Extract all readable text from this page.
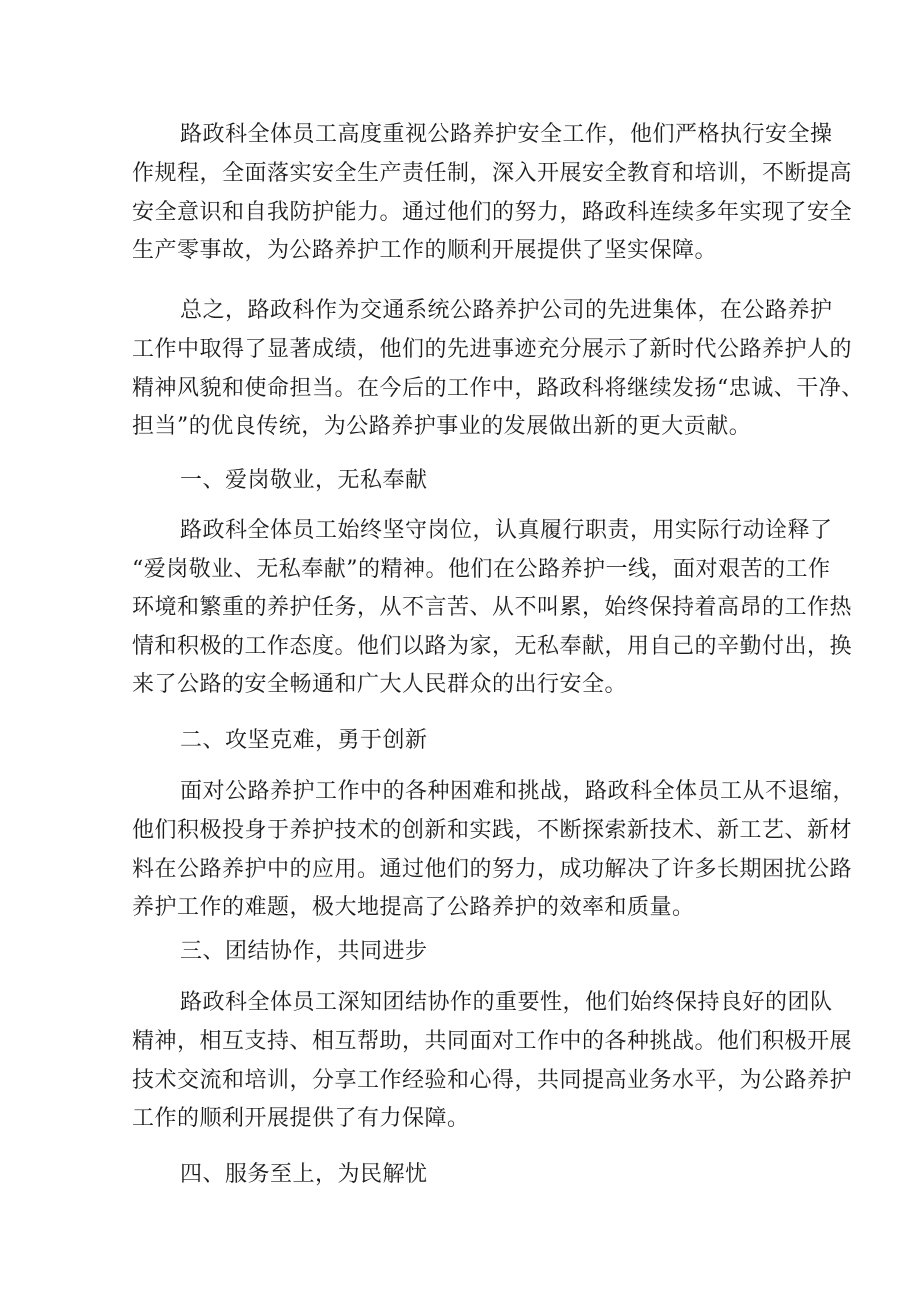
路政科全体员工高度重视公路养护安全工作，他们严格执行安全操

作规程，全面落实安全生产责任制，深入开展安全教育和培训，不断提高

安全意识和自我防护能力。通过他们的努力，路政科连续多年实现了安全

生产零事故，为公路养护工作的顺利开展提供了坚实保障。

总之，路政科作为交通系统公路养护公司的先进集体，在公路养护

工作中取得了显著成绩，他们的先进事迹充分展示了新时代公路养护人的

精神风貌和使命担当。在今后的工作中，路政科将继续发扬“忠诚、干净、

担当”的优良传统，为公路养护事业的发展做出新的更大贡献。

一、爱岗敬业，无私奉献

路政科全体员工始终坚守岗位，认真履行职责，用实际行动诠释了

“爱岗敬业、无私奉献”的精神。他们在公路养护一线，面对艰苦的工作

环境和繁重的养护任务，从不言苦、从不叫累，始终保持着高昂的工作热

情和积极的工作态度。他们以路为家，无私奉献，用自己的辛勤付出，换

来了公路的安全畅通和广大人民群众的出行安全。

二、攻坚克难，勇于创新

面对公路养护工作中的各种困难和挑战，路政科全体员工从不退缩，

他们积极投身于养护技术的创新和实践，不断探索新技术、新工艺、新材

料在公路养护中的应用。通过他们的努力，成功解决了许多长期困扰公路

养护工作的难题，极大地提高了公路养护的效率和质量。

三、团结协作，共同进步

路政科全体员工深知团结协作的重要性，他们始终保持良好的团队

精神，相互支持、相互帮助，共同面对工作中的各种挑战。他们积极开展

技术交流和培训，分享工作经验和心得，共同提高业务水平，为公路养护

工作的顺利开展提供了有力保障。

四、服务至上，为民解忧
